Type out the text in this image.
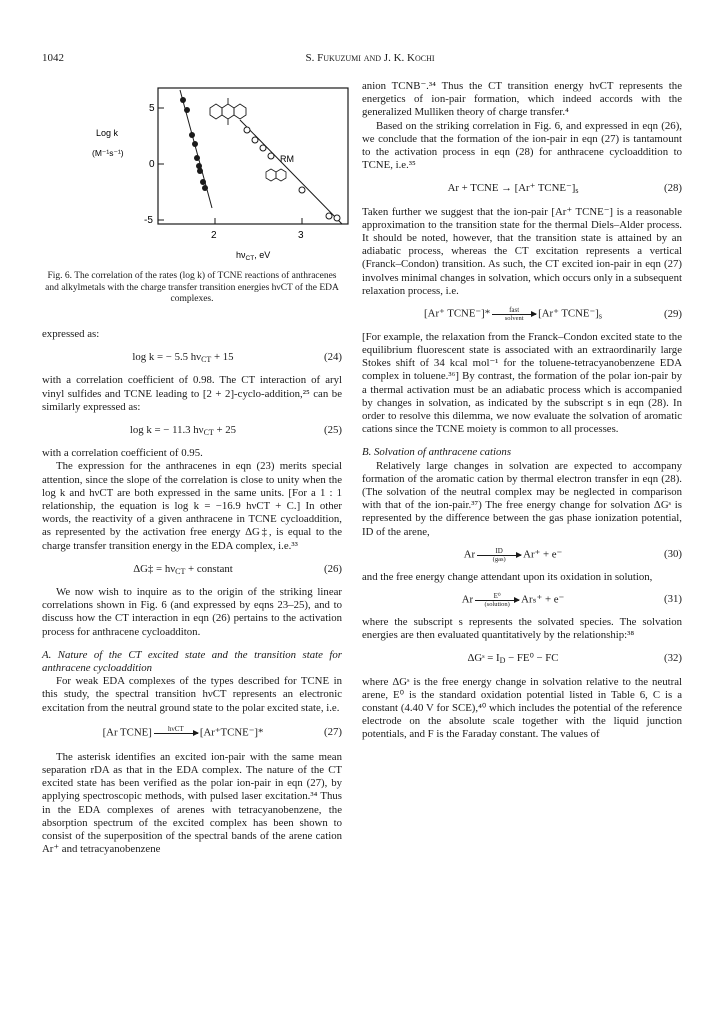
1042	S. Fukuzumi and J. K. Kochi
5
0
-5
2	3
RM
Log k
(M⁻¹s⁻¹)
$h\nu_{CT}$, eV
Fig. 6. The correlation of the rates (log k) of TCNE reactions of anthracenes and alkylmetals with the charge transfer transition energies hνCT of the EDA complexes.

expressed as:

log k = − 5.5 $h\nu_{CT} + 15$	(24)

with a correlation coefficient of 0.98. The CT interaction of aryl vinyl sulfides and TCNE leading to [2 + 2]-cyclo-addition,²⁵ can be similarly expressed as:

log k = − 11.3 $h\nu_{CT} + 25$	(25)

with a correlation coefficient of 0.95.

The expression for the anthracenes in eqn (23) merits special attention, since the slope of the correlation is close to unity when the log k and hνCT are both expressed in the same units. [For a 1 : 1 relationship, the equation is log k = −16.9 hνCT + C.] In other words, the reactivity of a given anthracene in TCNE cycloaddition, as represented by the activation free energy ΔG‡, is equal to the charge transfer transition energy in the EDA complex, i.e.³³

ΔG‡ = $h\nu_{CT}$ + constant	(26)

We now wish to inquire as to the origin of the striking linear correlations shown in Fig. 6 (and expressed by eqns 23–25), and to discuss how the CT interaction in eqn (26) pertains to the activation process for anthracene cycloadditon.

A. Nature of the CT excited state and the transition state for anthracene cycloaddition

For weak EDA complexes of the types described for TCNE in this study, the spectral transition hνCT represents an electronic excitation from the neutral ground state to the polar excited state, i.e.

[Ar TCNE] hνCT
[Ar⁺TCNE⁻]*	(27)

The asterisk identifies an excited ion-pair with the same mean separation rDA as that in the EDA complex. The nature of the CT excited state has been verified as the polar ion-pair in eqn (27), by applying spectroscopic methods, with pulsed laser excitation.³⁴ Thus in the EDA complexes of arenes with tetracyanobenzene, the absorption spectrum of the excited complex has been shown to consist of the superposition of the spectral bands of the arene cation Ar⁺ and tetracyanobenzene

anion TCNB⁻.³⁴ Thus the CT transition energy hνCT represents the energetics of ion-pair formation, which indeed accords with the generalized Mulliken theory of charge transfer.⁴

Based on the striking correlation in Fig. 6, and expressed in eqn (26), we conclude that the formation of the ion-pair in eqn (27) is tantamount to the activation process in eqn (28) for anthracene cycloaddition to TCNE, i.e.³⁵

Ar + TCNE → [Ar⁺ $TCNE^-]_s$	(28)

Taken further we suggest that the ion-pair [Ar⁺ TCNE⁻] is a reasonable approximation to the transition state for the thermal Diels–Alder process. It should be noted, however, that the transition state is attained by an adiabatic process, whereas the CT excitation represents a vertical (Franck–Condon) transition. As such, the CT excited ion-pair in eqn (27) involves minimal changes in solvation, which occurs only in a subsequent relaxation process, i.e.

[Ar⁺ TCNE⁻]*	fast
solvent [Ar⁺ $TCNE^-]_s$	(29)

[For example, the relaxation from the Franck–Condon excited state to the equilibrium fluorescent state is associated with an extraordinarily large Stokes shift of 34 kcal mol⁻¹ for the toluene-tetracyanobenzene EDA complex in toluene.³⁶] By contrast, the formation of the polar ion-pair by a thermal activation must be an adiabatic process which is accompanied by changes in solvation, as indicated by the subscript s in eqn (28). In order to resolve this dilemma, we now evaluate the solvation of aromatic cations since the TCNE moiety is common to all processes.

B. Solvation of anthracene cations

Relatively large changes in solvation are expected to accompany formation of the aromatic cation by thermal electron transfer in eqn (28). (The solvation of the neutral complex may be neglected in comparison with that of the ion-pair.³⁷) The free energy change for solvation ΔGˢ is represented by the difference between the gas phase ionization potential, ID of the arene,

Ar	ID
(gas) Ar⁺ + e⁻	(30)

and the free energy change attendant upon its oxidation in solution,

Ar	E⁰
(solution) Arₛ⁺ + e⁻	(31)

where the subscript s represents the solvated species. The solvation energies are then evaluated quantitatively by the relationship:³⁸

ΔGˢ = $I_D - FE^0$ − FC	(32)

where ΔGˢ is the free energy change in solvation relative to the neutral arene, E⁰ is the standard oxidation potential listed in Table 6, C is a constant (4.40 V for SCE),⁴⁰ which includes the potential of the reference electrode on the absolute scale together with the liquid junction potentials, and F is the Faraday constant. The values of
